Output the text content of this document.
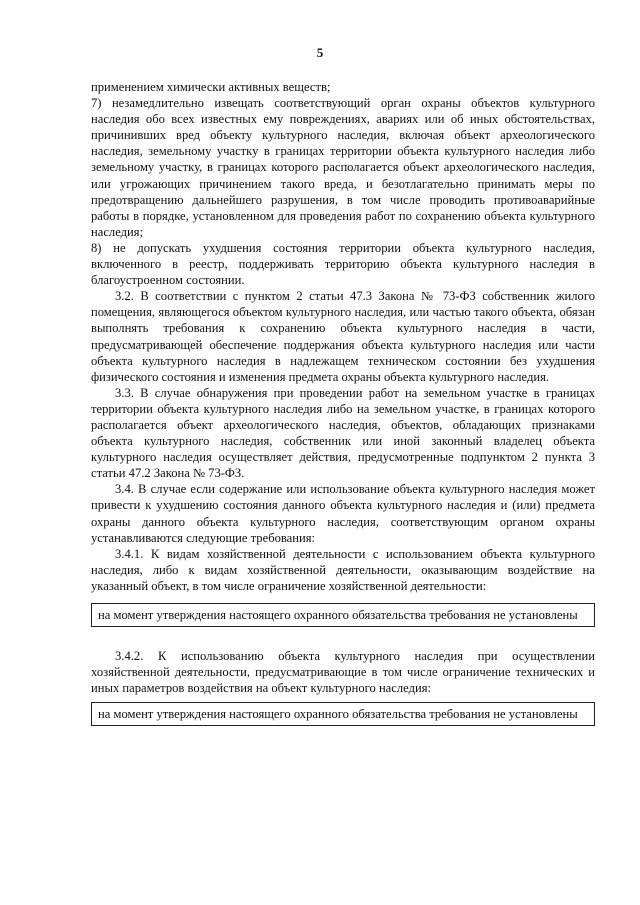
5

применением химически активных веществ;

7) незамедлительно извещать соответствующий орган охраны объектов культурного наследия обо всех известных ему повреждениях, авариях или об иных обстоятельствах, причинивших вред объекту культурного наследия, включая объект археологического наследия, земельному участку в границах территории объекта культурного наследия либо земельному участку, в границах которого располагается объект археологического наследия, или угрожающих причинением такого вреда, и безотлагательно принимать меры по предотвращению дальнейшего разрушения, в том числе проводить противоаварийные работы в порядке, установленном для проведения работ по сохранению объекта культурного наследия;

8) не допускать ухудшения состояния территории объекта культурного наследия, включенного в реестр, поддерживать территорию объекта культурного наследия в благоустроенном состоянии.

3.2. В соответствии с пунктом 2 статьи 47.3 Закона № 73-ФЗ собственник жилого помещения, являющегося объектом культурного наследия, или частью такого объекта, обязан выполнять требования к сохранению объекта культурного наследия в части, предусматривающей обеспечение поддержания объекта культурного наследия или части объекта культурного наследия в надлежащем техническом состоянии без ухудшения физического состояния и изменения предмета охраны объекта культурного наследия.

3.3. В случае обнаружения при проведении работ на земельном участке в границах территории объекта культурного наследия либо на земельном участке, в границах которого располагается объект археологического наследия, объектов, обладающих признаками объекта культурного наследия, собственник или иной законный владелец объекта культурного наследия осуществляет действия, предусмотренные подпунктом 2 пункта 3 статьи 47.2 Закона № 73-ФЗ.

3.4. В случае если содержание или использование объекта культурного наследия может привести к ухудшению состояния данного объекта культурного наследия и (или) предмета охраны данного объекта культурного наследия, соответствующим органом охраны устанавливаются следующие требования:

3.4.1. К видам хозяйственной деятельности с использованием объекта культурного наследия, либо к видам хозяйственной деятельности, оказывающим воздействие на указанный объект, в том числе ограничение хозяйственной деятельности:

на момент утверждения настоящего охранного обязательства требования не установлены

3.4.2. К использованию объекта культурного наследия при осуществлении хозяйственной деятельности, предусматривающие в том числе ограничение технических и иных параметров воздействия на объект культурного наследия:

на момент утверждения настоящего охранного обязательства требования не установлены
